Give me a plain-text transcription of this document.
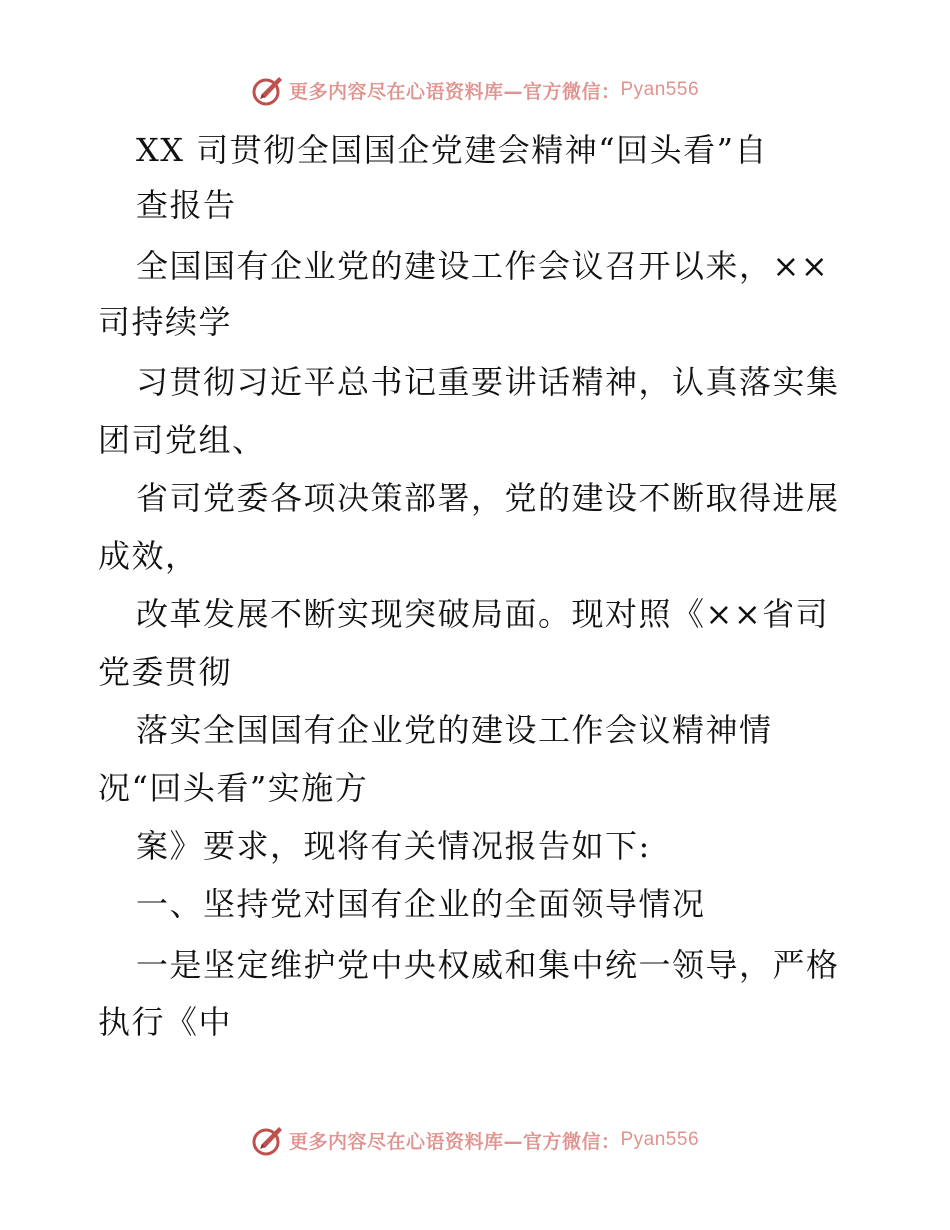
更多内容尽在心语资料库—官方微信： Pyan556
XX 司贯彻全国国企党建会精神“回头看”自
查报告
全国国有企业党的建设工作会议召开以来，××
司持续学
习贯彻习近平总书记重要讲话精神，认真落实集
团司党组、
省司党委各项决策部署，党的建设不断取得进展
成效，
改革发展不断实现突破局面。现对照《××省司
党委贯彻
落实全国国有企业党的建设工作会议精神情
况“回头看”实施方
案》要求，现将有关情况报告如下:
一、坚持党对国有企业的全面领导情况
一是坚定维护党中央权威和集中统一领导，严格
执行《中
更多内容尽在心语资料库—官方微信： Pyan556
